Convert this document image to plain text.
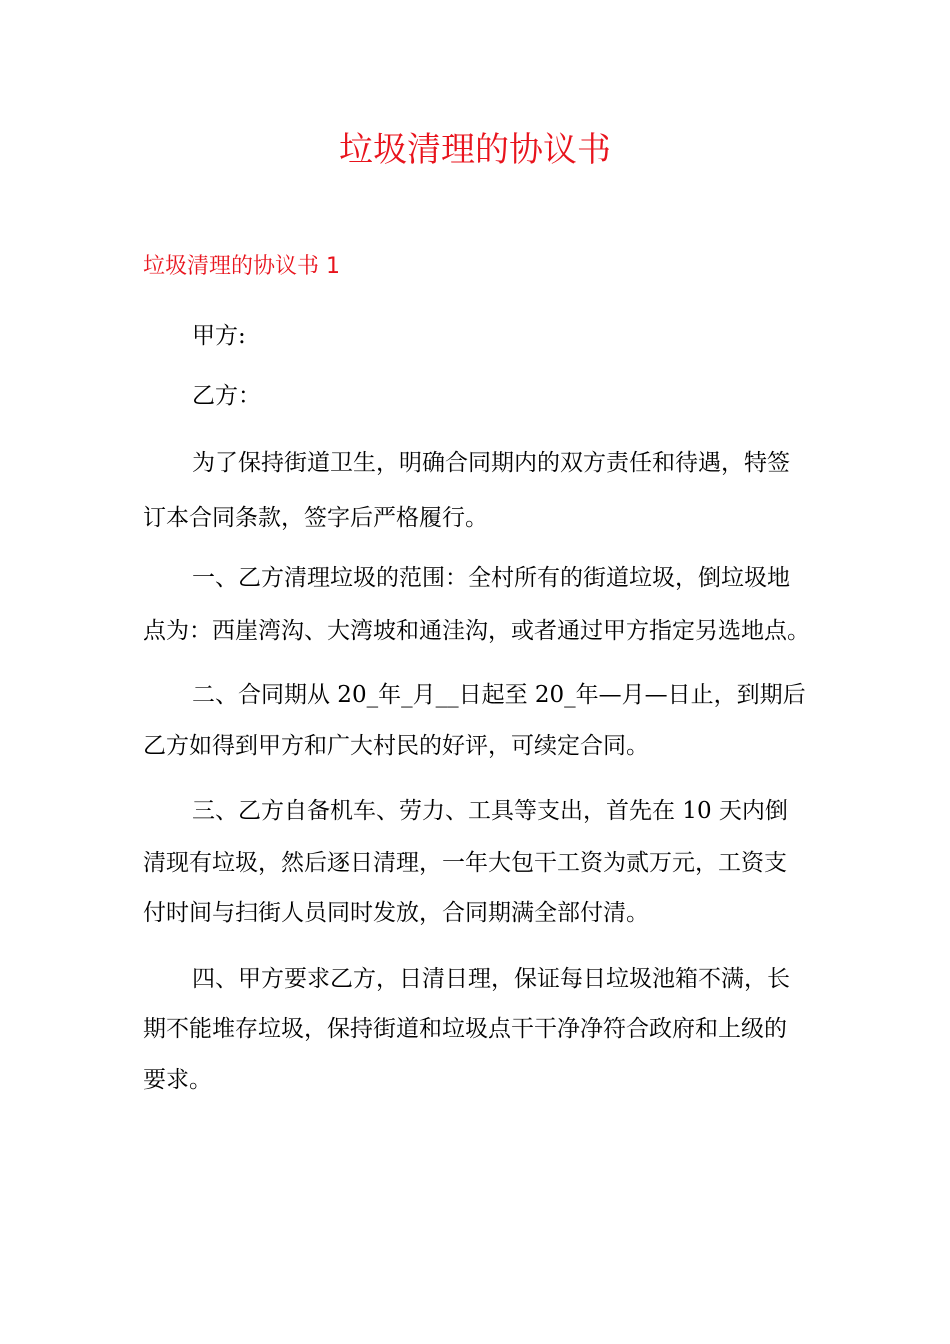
垃圾清理的协议书
垃圾清理的协议书 1

甲方:

乙方：

为了保持街道卫生，明确合同期内的双方责任和待遇，特签

订本合同条款，签字后严格履行。

一、乙方清理垃圾的范围：全村所有的街道垃圾，倒垃圾地

点为：西崖湾沟、大湾坡和通洼沟，或者通过甲方指定另选地点。

二、合同期从 20_年_月__日起至 20_年—月—日止，到期后

乙方如得到甲方和广大村民的好评，可续定合同。

三、乙方自备机车、劳力、工具等支出，首先在 10 天内倒

清现有垃圾，然后逐日清理，一年大包干工资为贰万元，工资支

付时间与扫街人员同时发放，合同期满全部付清。

四、甲方要求乙方，日清日理，保证每日垃圾池箱不满，长

期不能堆存垃圾，保持街道和垃圾点干干净净符合政府和上级的

要求。
